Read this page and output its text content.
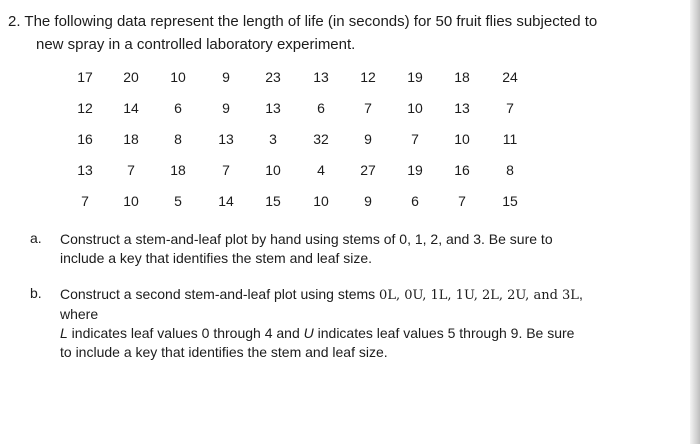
2. The following data represent the length of life (in seconds) for 50 fruit flies subjected to
new spray in a controlled laboratory experiment.
17	20	10	9	23	13	12	19	18	24
12	14	6	9	13	6	7	10	13	7
16	18	8	13	3	32	9	7	10	11
13	7	18	7	10	4	27	19	16	8
7	10	5	14	15	10	9	6	7	15
a. Construct a stem-and-leaf plot by hand using stems of 0, 1, 2, and 3. Be sure to
include a key that identifies the stem and leaf size.
b. Construct a second stem-and-leaf plot using stems 0L, 0U, 1L, 1U, 2L, 2U, and 3L, where
L indicates leaf values 0 through 4 and U indicates leaf values 5 through 9. Be sure
to include a key that identifies the stem and leaf size.
